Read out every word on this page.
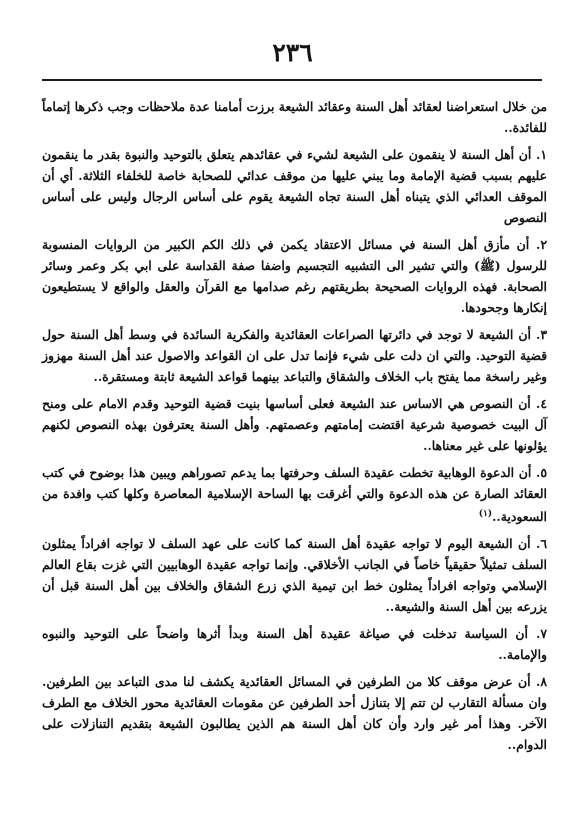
٢٣٦

من خلال استعراضنا لعقائد أهل السنة وعقائد الشيعة برزت أمامنا عدة ملاحظات وجب ذكرها إتماماً للفائدة..

١. أن أهل السنة لا ينقمون على الشيعة لشيء في عقائدهم يتعلق بالتوحيد والنبوة بقدر ما ينقمون عليهم بسبب قضية الإمامة وما يبني عليها من موقف عدائي للصحابة خاصة للخلفاء الثلاثة. أي أن الموقف العدائي الذي يتبناه أهل السنة تجاه الشيعة يقوم على أساس الرجال وليس على أساس النصوص

٢. أن مأزق أهل السنة في مسائل الاعتقاد يكمن في ذلك الكم الكبير من الروايات المنسوبة للرسول (ﷺ) والتي تشير الى التشبيه التجسيم واضفا صفة القداسة على ابي بكر وعمر وسائر الصحابة. فهذه الروايات الصحيحة بطريقتهم رغم صدامها مع القرآن والعقل والواقع لا يستطيعون إنكارها وجحودها.

٣. أن الشيعة لا توجد في دائرتها الصراعات العقائدية والفكرية السائدة في وسط أهل السنة حول قضية التوحيد. والتي ان دلت على شيء فإنما تدل على ان القواعد والاصول عند أهل السنة مهزوز وغير راسخة مما يفتح باب الخلاف والشقاق والتباعد بينهما قواعد الشيعة ثابتة ومستقرة..

٤. أن النصوص هي الاساس عند الشيعة فعلى أساسها بنيت قضية التوحيد وقدم الامام على ومنح آل البيت خصوصية شرعية اقتضت إمامتهم وعصمتهم. وأهل السنة يعترفون بهذه النصوص لكنهم يؤلونها على غير معناها..

٥. أن الدعوة الوهابية تخطت عقيدة السلف وحرفتها بما يدعم تصوراهم ويبين هذا بوضوح في كتب العقائد الصارة عن هذه الدعوة والتي أغرقت بها الساحة الإسلامية المعاصرة وكلها كتب وافدة من السعودية..$^{(١)}$

٦. أن الشيعة اليوم لا تواجه عقيدة أهل السنة كما كانت على عهد السلف لا تواجه افراداً يمثلون السلف تمثيلاً حقيقياً خاصاً في الجانب الأخلاقي. وإنما تواجه عقيدة الوهابيين التي غزت بقاع العالم الإسلامي وتواجه افراداً يمثلون خط ابن تيمية الذي زرع الشقاق والخلاف بين أهل السنة قبل أن يزرعه بين أهل السنة والشيعة..

٧. أن السياسة تدخلت في صياغة عقيدة أهل السنة وبدأ أثرها واضحاً على التوحيد والنبوه والإمامة..

٨. أن عرض موقف كلا من الطرفين في المسائل العقائدية يكشف لنا مدى التباعد بين الطرفين. وان مسألة التقارب لن تتم إلا بتنازل أحد الطرفين عن مقومات العقائدية محور الخلاف مع الطرف الآخر. وهذا أمر غير وارد وأن كان أهل السنة هم الذين يطالبون الشيعة بتقديم التنازلات على الدوام..
